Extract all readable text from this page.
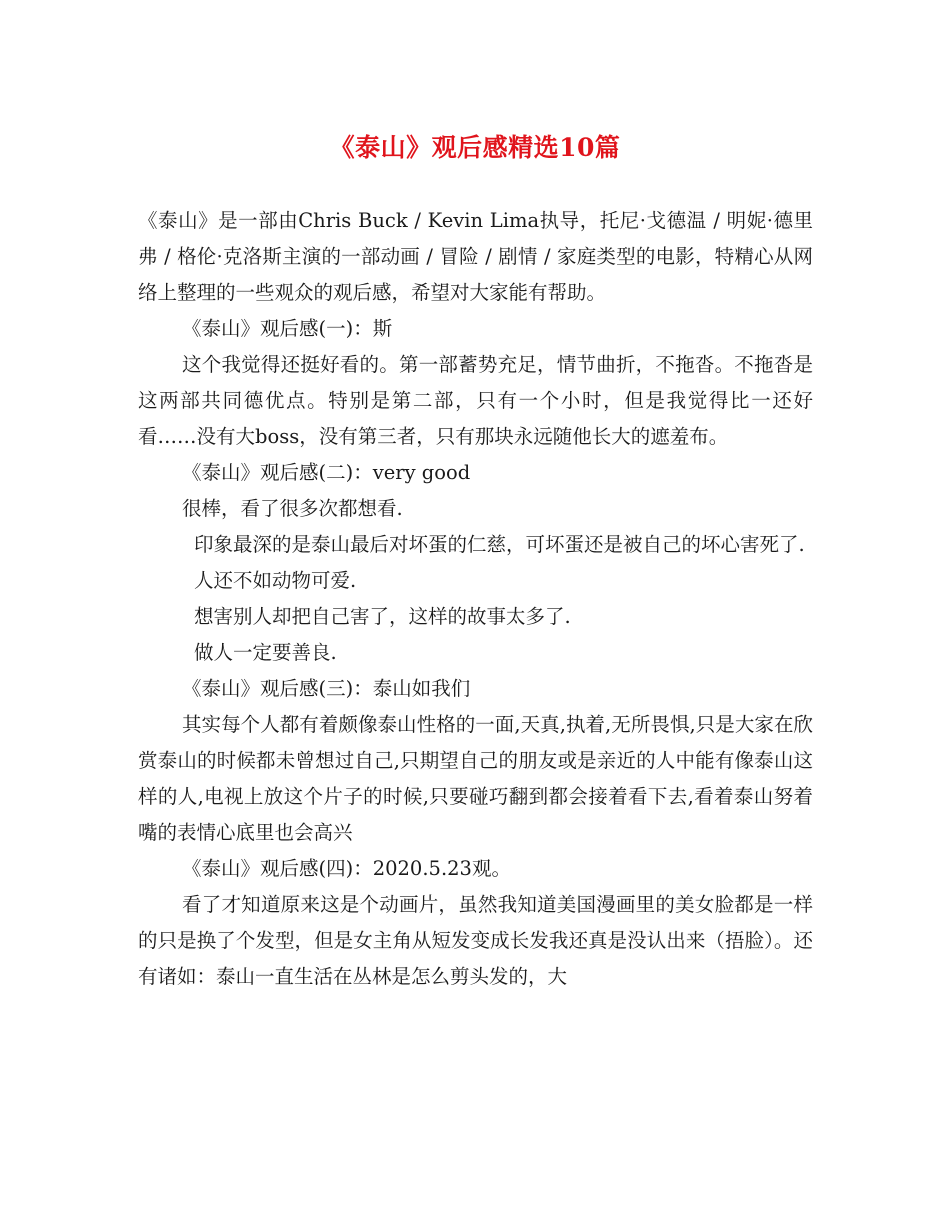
《泰山》观后感精选10篇

《泰山》是一部由Chris Buck / Kevin Lima执导，托尼·戈德温 / 明妮·德里弗 / 格伦·克洛斯主演的一部动画 / 冒险 / 剧情 / 家庭类型的电影，特精心从网络上整理的一些观众的观后感，希望对大家能有帮助。

《泰山》观后感(一)：斯

这个我觉得还挺好看的。第一部蓄势充足，情节曲折，不拖沓。不拖沓是这两部共同德优点。特别是第二部，只有一个小时，但是我觉得比一还好看……没有大boss，没有第三者，只有那块永远随他长大的遮羞布。

《泰山》观后感(二)：very good

很棒，看了很多次都想看.

印象最深的是泰山最后对坏蛋的仁慈，可坏蛋还是被自己的坏心害死了.

人还不如动物可爱.

想害别人却把自己害了，这样的故事太多了.

做人一定要善良.

《泰山》观后感(三)：泰山如我们

其实每个人都有着颇像泰山性格的一面,天真,执着,无所畏惧,只是大家在欣赏泰山的时候都未曾想过自己,只期望自己的朋友或是亲近的人中能有像泰山这样的人,电视上放这个片子的时候,只要碰巧翻到都会接着看下去,看着泰山努着嘴的表情心底里也会高兴

《泰山》观后感(四)：2020.5.23观。

看了才知道原来这是个动画片，虽然我知道美国漫画里的美女脸都是一样的只是换了个发型，但是女主角从短发变成长发我还真是没认出来（捂脸）。还有诸如：泰山一直生活在丛林是怎么剪头发的，大
